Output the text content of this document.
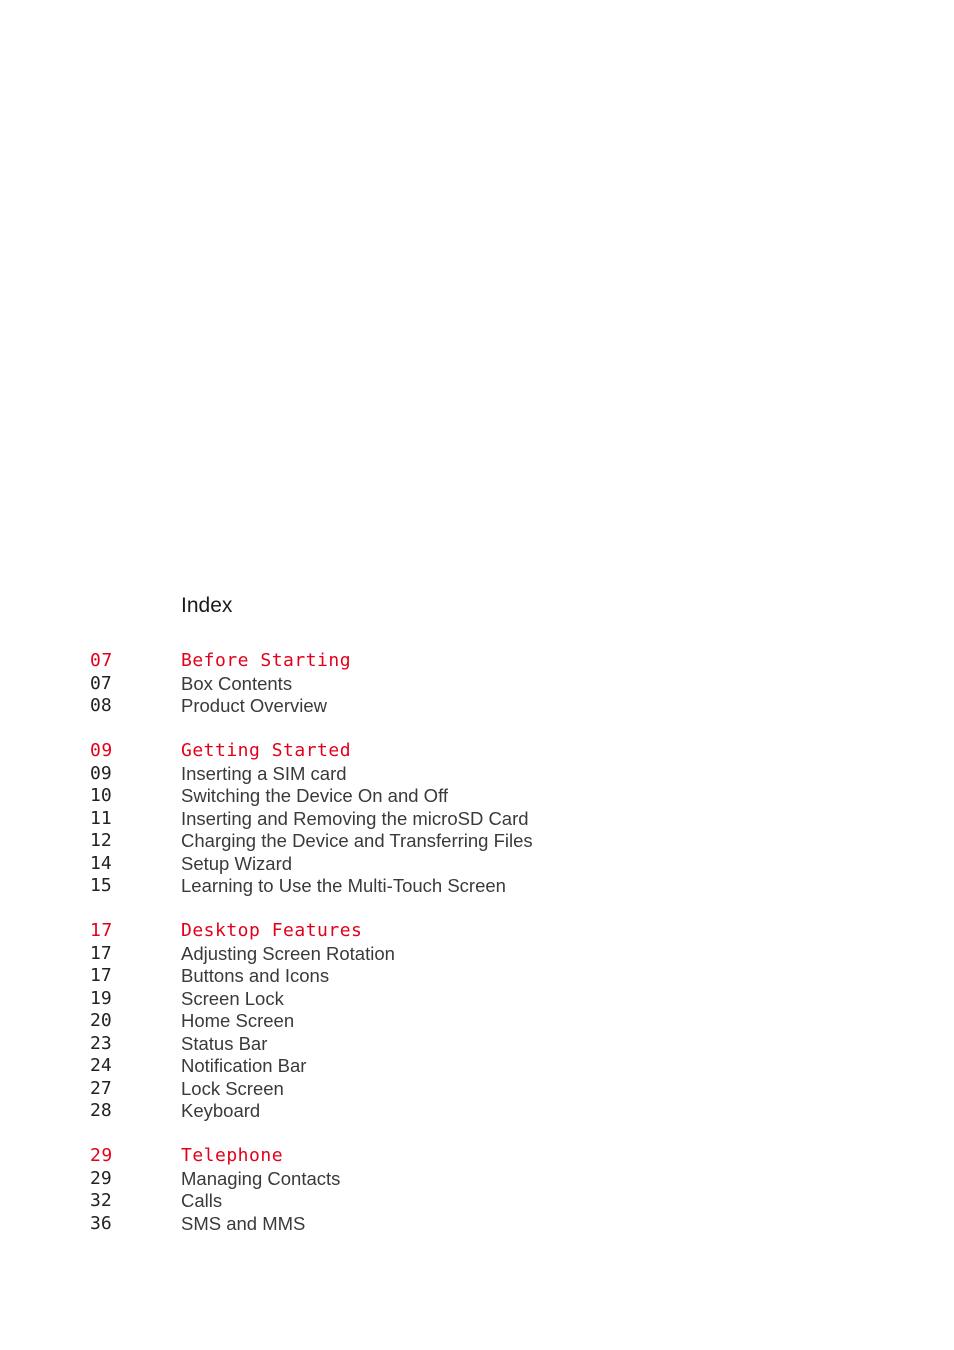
Index
07	Before Starting
07	Box Contents
08	Product Overview
09	Getting Started
09	Inserting a SIM card
10	Switching the Device On and Off
11	Inserting and Removing the microSD Card
12	Charging the Device and Transferring Files
14	Setup Wizard
15	Learning to Use the Multi-Touch Screen
17	Desktop Features
17	Adjusting Screen Rotation
17	Buttons and Icons
19	Screen Lock
20	Home Screen
23	Status Bar
24	Notification Bar
27	Lock Screen
28	Keyboard
29	Telephone
29	Managing Contacts
32	Calls
36	SMS and MMS
